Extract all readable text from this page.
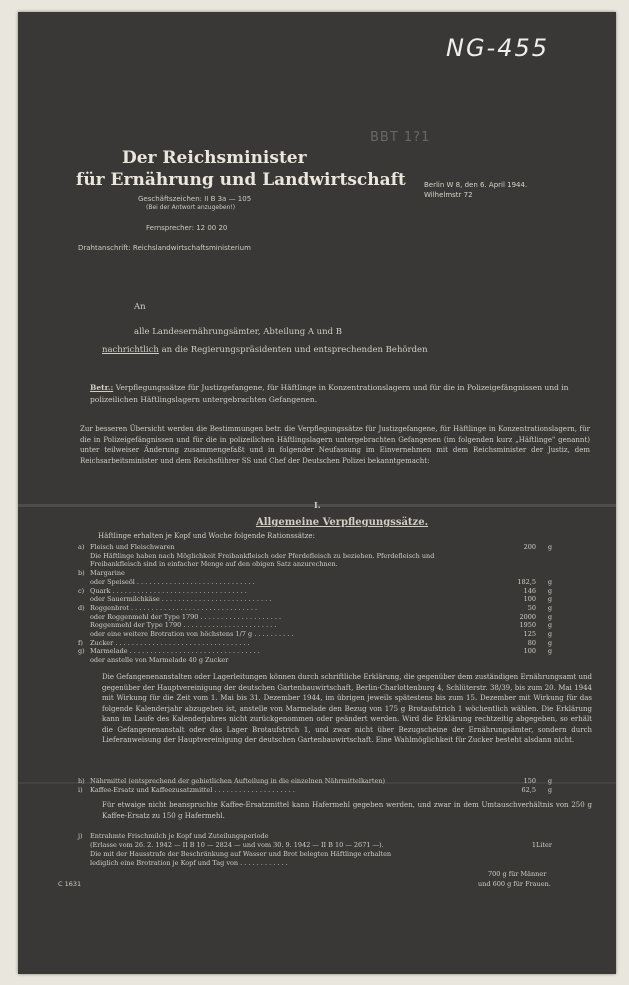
NG-455
BBT 1?1
Der Reichsminister
für Ernährung und Landwirtschaft
Geschäftszeichen: II B 3a — 105
(Bei der Antwort anzugeben!)
Fernsprecher: 12 00 20
Drahtanschrift: Reichslandwirtschaftsministerium
Berlin W 8, den 6. April 1944.
Wilhelmstr 72
An
alle Landesernährungsämter, Abteilung A und B
nachrichtlich an die Regierungspräsidenten und entsprechenden Behörden
Betr.: Verpflegungssätze für Justizgefangene, für Häftlinge in Konzentrationslagern und für die in Polizeigefängnissen und in polizeilichen Häftlingslagern untergebrachten Gefangenen.
Zur besseren Übersicht werden die Bestimmungen betr. die Verpflegungssätze für Justizgefangene, für Häftlinge in Konzentrationslagern, für die in Polizeigefängnissen und für die in polizeilichen Häftlingslagern untergebrachten Gefangenen (im folgenden kurz „Häftlinge" genannt) unter teilweiser Änderung zusammengefaßt und in folgender Neufassung im Einvernehmen mit dem Reichsminister der Justiz, dem Reichsarbeitsminister und dem Reichsführer SS und Chef der Deutschen Polizei bekanntgemacht:
I.
Allgemeine Verpflegungssätze.
Häftlinge erhalten je Kopf und Woche folgende Rationssätze:
a) Fleisch und Fleischwaren	200 g
Die Häftlinge haben nach Möglichkeit Freibankfleisch oder Pferdefleisch zu beziehen. Pferdefleisch und
Freibankfleisch sind in einfacher Menge auf den obigen Satz anzurechnen.
b) Margarine
oder Speiseöl . . . . . . . . . . . . . . . . . . . . . . . . . . . . .	182,5 g
c) Quark . . . . . . . . . . . . . . . . . . . . . . . . . . . . . . . . .	146 g
oder Sauermilchkäse . . . . . . . . . . . . . . . . . . . . . . . . . . .	100 g
d) Roggenbrot . . . . . . . . . . . . . . . . . . . . . . . . . . . . . . .	50 g
oder Roggenmehl der Type 1790 . . . . . . . . . . . . . . . . . . . .	2000 g
Roggenmehl der Type 1790 . . . . . . . . . . . . . . . . . . . . . . .	1950 g
oder eine weitere Brotration von höchstens 1/7 g . . . . . . . . . .	125 g
f) Zucker . . . . . . . . . . . . . . . . . . . . . . . . . . . . . . . . .	80 g
g) Marmelade . . . . . . . . . . . . . . . . . . . . . . . . . . . . . . . .	100 g
oder anstelle von Marmelade 40 g Zucker
Die Gefangenenanstalten oder Lagerleitungen können durch schriftliche Erklärung, die gegenüber dem zuständigen Ernährungsamt und gegenüber der Hauptvereinigung der deutschen Gartenbauwirtschaft, Berlin-Charlottenburg 4, Schlüterstr. 38/39, bis zum 20. Mai 1944 mit Wirkung für die Zeit vom 1. Mai bis 31. Dezember 1944, im übrigen jeweils spätestens bis zum 15. Dezember mit Wirkung für das folgende Kalenderjahr abzugeben ist, anstelle von Marmelade den Bezug von 175 g Brotaufstrich 1 wöchentlich wählen. Die Erklärung kann im Laufe des Kalenderjahres nicht zurückgenommen oder geändert werden. Wird die Erklärung rechtzeitig abgegeben, so erhält die Gefangenenanstalt oder das Lager Brotaufstrich 1, und zwar nicht über Bezugscheine der Ernährungsämter, sondern durch Lieferanweisung der Hauptvereinigung der deutschen Gartenbauwirtschaft. Eine Wahlmöglichkeit für Zucker besteht alsdann nicht.
h) Nährmittel (entsprechend der gebietlichen Aufteilung in die einzelnen Nährmittelkarten)	150 g
i) Kaffee-Ersatz und Kaffeezusatzmittel . . . . . . . . . . . . . . . . . . . .	62,5 g
Für etwaige nicht beanspruchte Kaffee-Ersatzmittel kann Hafermehl gegeben werden, und zwar in dem Umtauschverhältnis von 250 g Kaffee-Ersatz zu 150 g Hafermehl.
j) Entrahmte Frischmilch je Kopf und Zuteilungsperiode
(Erlasse vom 26. 2. 1942 — II B 10 — 2824 — und vom 30. 9. 1942 — II B 10 — 2671 —).	1 Liter
Die mit der Hausstrafe der Beschränkung auf Wasser und Brot belegten Häftlinge erhalten
lediglich eine Brotration je Kopf und Tag von . . . . . . . . . . . .
700 g für Männer
und 600 g für Frauen.
C 1631
